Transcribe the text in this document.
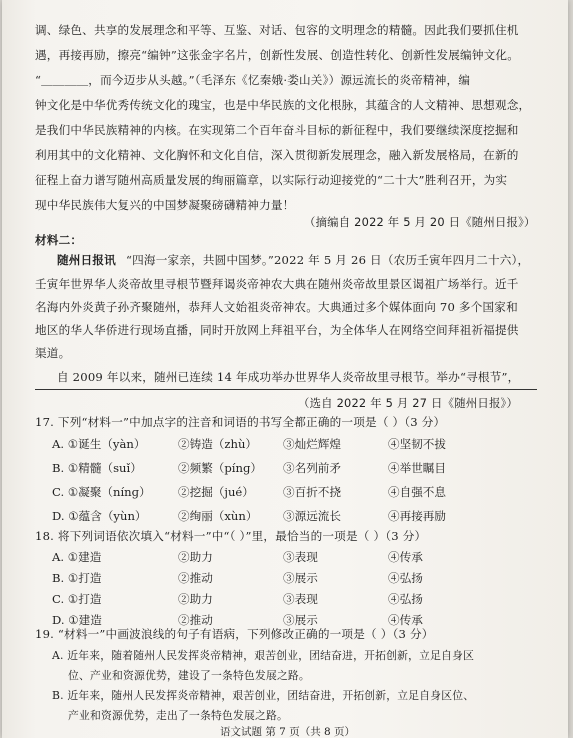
调、绿色、共享的发展理念和平等、互鉴、对话、包容的文明理念的精髓。因此我们要抓住机
遇，再接再励，擦亮“编钟”这张金字名片，创新性发展、创造性转化、创新性发展编钟文化。
“＿＿＿＿，而今迈步从头越。”（毛泽东《忆秦娥·娄山关》）源远流长的炎帝精神，编
钟文化是中华优秀传统文化的瑰宝，也是中华民族的文化根脉，其蕴含的人文精神、思想观念，
是我们中华民族精神的内核。在实现第二个百年奋斗目标的新征程中，我们要继续深度挖掘和
利用其中的文化精神、文化胸怀和文化自信，深入贯彻新发展理念，融入新发展格局，在新的
征程上奋力谱写随州高质量发展的绚丽篇章，以实际行动迎接党的“二十大”胜利召开，为实
现中华民族伟大复兴的中国梦凝聚磅礴精神力量！
（摘编自 2022 年 5 月 20 日《随州日报》）
材料二：
随州日报讯 “四海一家亲，共圆中国梦。”2022 年 5 月 26 日（农历壬寅年四月二十六），
壬寅年世界华人炎帝故里寻根节暨拜谒炎帝神农大典在随州炎帝故里景区谒祖广场举行。近千
名海内外炎黄子孙齐聚随州，恭拜人文始祖炎帝神农。大典通过多个媒体面向 70 多个国家和
地区的华人华侨进行现场直播，同时开放网上拜祖平台，为全体华人在网络空间拜祖祈福提供
渠道。
自 2009 年以来，随州已连续 14 年成功举办世界华人炎帝故里寻根节。举办“寻根节”，
（选自 2022 年 5 月 27 日《随州日报》）
17. 下列“材料一”中加点字的注音和词语的书写全都正确的一项是（ ）（3 分）
A. ①诞生（yàn）	②铸造（zhù） ③灿烂辉煌	④坚韧不拔
B. ①精髓（suǐ）	②频繁（pínɡ） ③名列前矛	④举世瞩目
C. ①凝聚（nínɡ） ②挖掘（jué）	③百折不挠	④自强不息
D. ①蕴含（yùn）	②绚丽（xùn） ③源远流长	④再接再励
18. 将下列词语依次填入“材料一”中“（ ）”里，最恰当的一项是（ ）（3 分）
A. ①建造	②助力	③表现	④传承
B. ①打造	②推动	③展示	④弘扬
C. ①打造	②助力	③表现	④弘扬
D. ①建造	②推动	③展示	④传承
19. “材料一”中画波浪线的句子有语病，下列修改正确的一项是（ ）（3 分）
A. 近年来，随着随州人民发挥炎帝精神，艰苦创业，团结奋进，开拓创新，立足自身区
位、产业和资源优势，建设了一条特色发展之路。
B. 近年来，随州人民发挥炎帝精神，艰苦创业，团结奋进，开拓创新，立足自身区位、
产业和资源优势，走出了一条特色发展之路。
语文试题 第 7 页（共 8 页）
